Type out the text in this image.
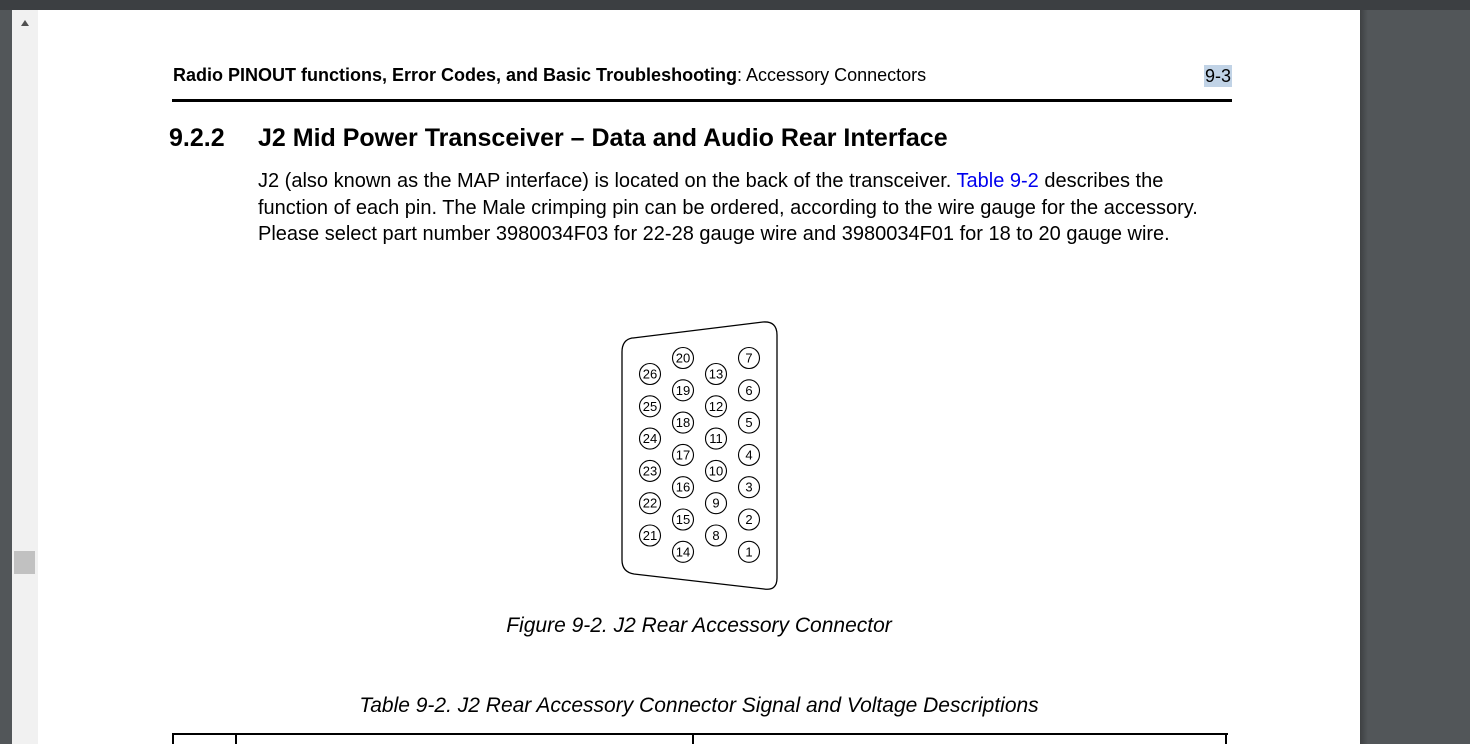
Radio PINOUT functions, Error Codes, and Basic Troubleshooting: Accessory Connectors	9-3
9.2.2 J2 Mid Power Transceiver – Data and Audio Rear Interface
J2 (also known as the MAP interface) is located on the back of the transceiver. Table 9-2 describes the function of each pin. The Male crimping pin can be ordered, according to the wire gauge for the accessory. Please select part number 3980034F03 for 22-28 gauge wire and 3980034F01 for 18 to 20 gauge wire.
26
25
24
23
22
21
20
19
18
17
16
15
14
13
12
11
10
9
8
7
6
5
4
3
2
1
Figure 9-2. J2 Rear Accessory Connector
Table 9-2. J2 Rear Accessory Connector Signal and Voltage Descriptions
